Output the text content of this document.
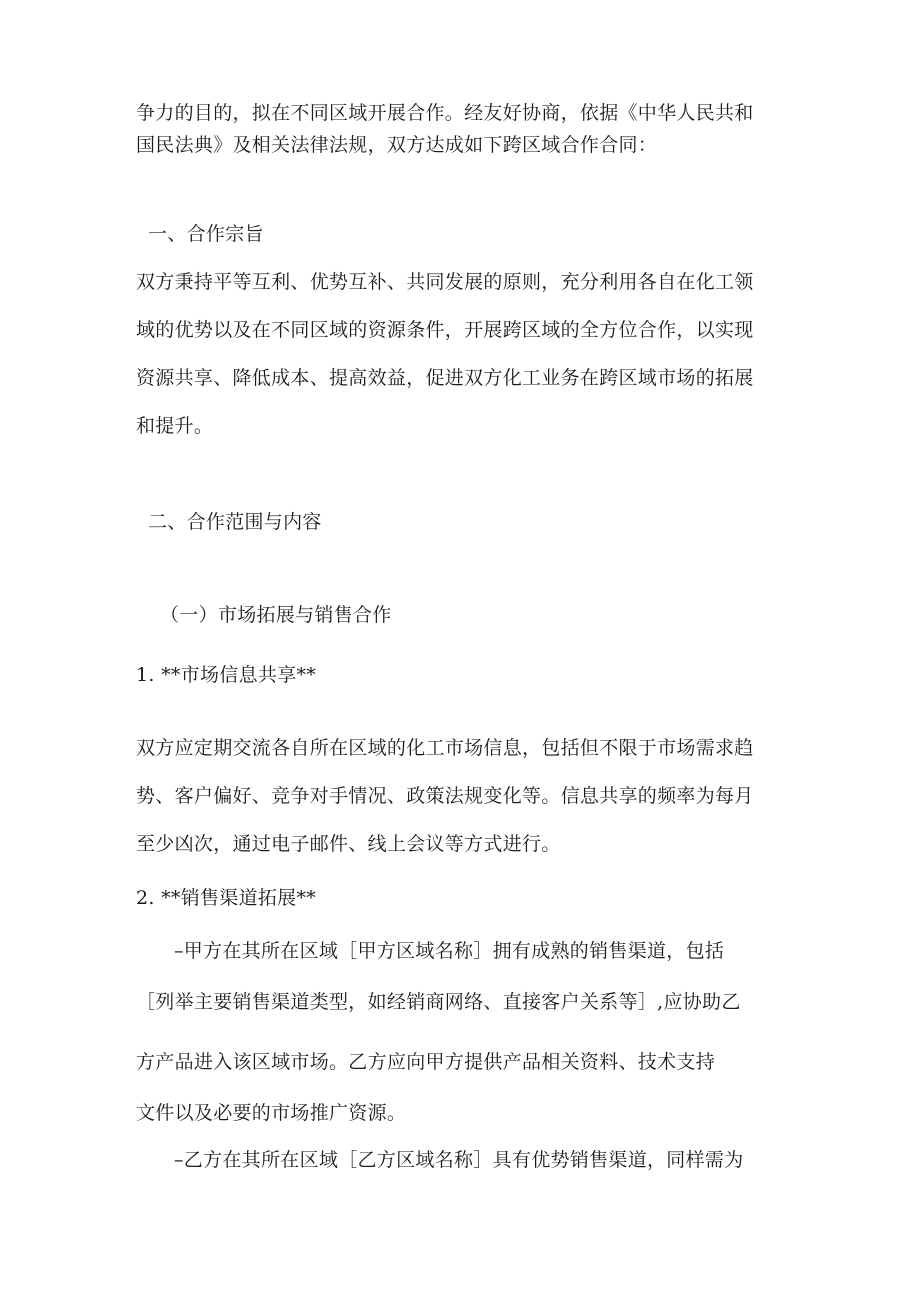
争力的目的，拟在不同区域开展合作。经友好协商，依据《中华人民共和
国民法典》及相关法律法规，双方达成如下跨区域合作合同：
一、合作宗旨
双方秉持平等互利、优势互补、共同发展的原则，充分利用各自在化工领
域的优势以及在不同区域的资源条件，开展跨区域的全方位合作，以实现
资源共享、降低成本、提高效益，促进双方化工业务在跨区域市场的拓展
和提升。
二、合作范围与内容
（一）市场拓展与销售合作
1. **市场信息共享**
双方应定期交流各自所在区域的化工市场信息，包括但不限于市场需求趋
势、客户偏好、竞争对手情况、政策法规变化等。信息共享的频率为每月
至少凶次，通过电子邮件、线上会议等方式进行。
2. **销售渠道拓展**
–甲方在其所在区域［甲方区域名称］拥有成熟的销售渠道，包括
［列举主要销售渠道类型，如经销商网络、直接客户关系等］,应协助乙
方产品进入该区域市场。乙方应向甲方提供产品相关资料、技术支持
文件以及必要的市场推广资源。
–乙方在其所在区域［乙方区域名称］具有优势销售渠道，同样需为
